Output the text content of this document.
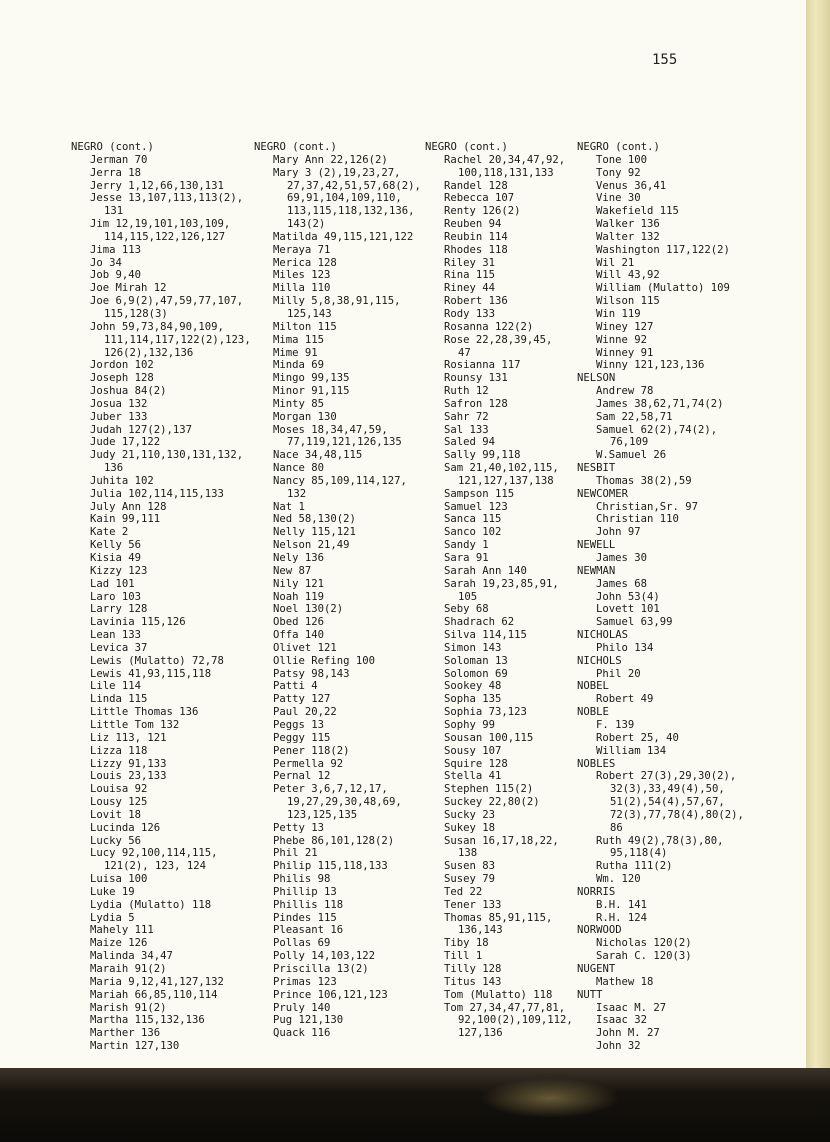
155
NEGRO (cont.)
Jerman 70
Jerra 18
Jerry 1,12,66,130,131
Jesse 13,107,113,113(2),
131
Jim 12,19,101,103,109,
114,115,122,126,127
Jima 113
Jo 34
Job 9,40
Joe Mirah 12
Joe 6,9(2),47,59,77,107,
115,128(3)
John 59,73,84,90,109,
111,114,117,122(2),123,
126(2),132,136
Jordon 102
Joseph 128
Joshua 84(2)
Josua 132
Juber 133
Judah 127(2),137
Jude 17,122
Judy 21,110,130,131,132,
136
Juhita 102
Julia 102,114,115,133
July Ann 128
Kain 99,111
Kate 2
Kelly 56
Kisia 49
Kizzy 123
Lad 101
Laro 103
Larry 128
Lavinia 115,126
Lean 133
Levica 37
Lewis (Mulatto) 72,78
Lewis 41,93,115,118
Lile 114
Linda 115
Little Thomas 136
Little Tom 132
Liz 113, 121
Lizza 118
Lizzy 91,133
Louis 23,133
Louisa 92
Lousy 125
Lovit 18
Lucinda 126
Lucky 56
Lucy 92,100,114,115,
121(2), 123, 124
Luisa 100
Luke 19
Lydia (Mulatto) 118
Lydia 5
Mahely 111
Maize 126
Malinda 34,47
Maraih 91(2)
Maria 9,12,41,127,132
Mariah 66,85,110,114
Marish 91(2)
Martha 115,132,136
Marther 136
Martin 127,130
NEGRO (cont.)
Mary Ann 22,126(2)
Mary 3 (2),19,23,27,
27,37,42,51,57,68(2),
69,91,104,109,110,
113,115,118,132,136,
143(2)
Matilda 49,115,121,122
Meraya 71
Merica 128
Miles 123
Milla 110
Milly 5,8,38,91,115,
125,143
Milton 115
Mima 115
Mime 91
Minda 69
Mingo 99,135
Minor 91,115
Minty 85
Morgan 130
Moses 18,34,47,59,
77,119,121,126,135
Nace 34,48,115
Nance 80
Nancy 85,109,114,127,
132
Nat 1
Ned 58,130(2)
Nelly 115,121
Nelson 21,49
Nely 136
New 87
Nily 121
Noah 119
Noel 130(2)
Obed 126
Offa 140
Olivet 121
Ollie Refing 100
Patsy 98,143
Patti 4
Patty 127
Paul 20,22
Peggs 13
Peggy 115
Pener 118(2)
Permella 92
Pernal 12
Peter 3,6,7,12,17,
19,27,29,30,48,69,
123,125,135
Petty 13
Phebe 86,101,128(2)
Phil 21
Philip 115,118,133
Philis 98
Phillip 13
Phillis 118
Pindes 115
Pleasant 16
Pollas 69
Polly 14,103,122
Priscilla 13(2)
Primas 123
Prince 106,121,123
Pruly 140
Pug 121,130
Quack 116
NEGRO (cont.)
Rachel 20,34,47,92,
100,118,131,133
Randel 128
Rebecca 107
Renty 126(2)
Reuben 94
Reubin 114
Rhodes 118
Riley 31
Rina 115
Riney 44
Robert 136
Rody 133
Rosanna 122(2)
Rose 22,28,39,45,
47
Rosianna 117
Rounsy 131
Ruth 12
Safron 128
Sahr 72
Sal 133
Saled 94
Sally 99,118
Sam 21,40,102,115,
121,127,137,138
Sampson 115
Samuel 123
Sanca 115
Sanco 102
Sandy 1
Sara 91
Sarah Ann 140
Sarah 19,23,85,91,
105
Seby 68
Shadrach 62
Silva 114,115
Simon 143
Soloman 13
Solomon 69
Sookey 48
Sopha 135
Sophia 73,123
Sophy 99
Sousan 100,115
Sousy 107
Squire 128
Stella 41
Stephen 115(2)
Suckey 22,80(2)
Sucky 23
Sukey 18
Susan 16,17,18,22,
138
Susen 83
Susey 79
Ted 22
Tener 133
Thomas 85,91,115,
136,143
Tiby 18
Till 1
Tilly 128
Titus 143
Tom (Mulatto) 118
Tom 27,34,47,77,81,
92,100(2),109,112,
127,136
NEGRO (cont.)
Tone 100
Tony 92
Venus 36,41
Vine 30
Wakefield 115
Walker 136
Walter 132
Washington 117,122(2)
Wil 21
Will 43,92
William (Mulatto) 109
Wilson 115
Win 119
Winey 127
Winne 92
Winney 91
Winny 121,123,136
NELSON
Andrew 78
James 38,62,71,74(2)
Sam 22,58,71
Samuel 62(2),74(2),
76,109
W.Samuel 26
NESBIT
Thomas 38(2),59
NEWCOMER
Christian,Sr. 97
Christian 110
John 97
NEWELL
James 30
NEWMAN
James 68
John 53(4)
Lovett 101
Samuel 63,99
NICHOLAS
Philo 134
NICHOLS
Phil 20
NOBEL
Robert 49
NOBLE
F. 139
Robert 25, 40
William 134
NOBLES
Robert 27(3),29,30(2),
32(3),33,49(4),50,
51(2),54(4),57,67,
72(3),77,78(4),80(2),
86
Ruth 49(2),78(3),80,
95,118(4)
Rutha 111(2)
Wm. 120
NORRIS
B.H. 141
R.H. 124
NORWOOD
Nicholas 120(2)
Sarah C. 120(3)
NUGENT
Mathew 18
NUTT
Isaac M. 27
Isaac 32
John M. 27
John 32
